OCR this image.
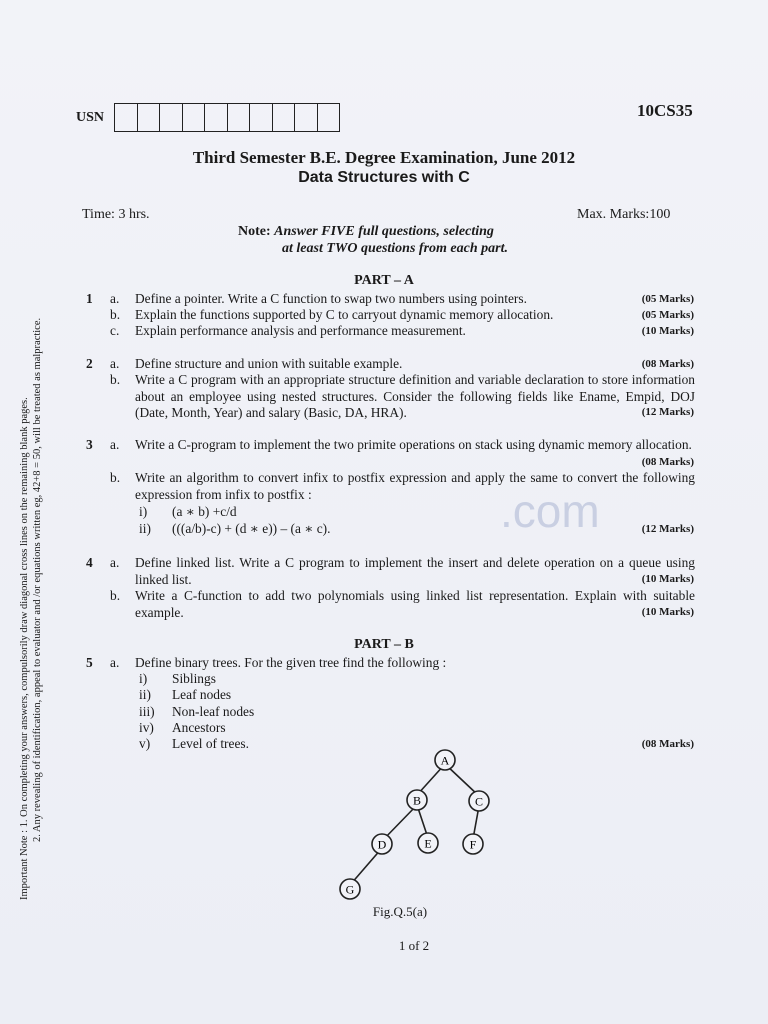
.com
Important Note : 1. On completing your answers, compulsorily draw diagonal cross lines on the remaining blank pages. 2. Any revealing of identification, appeal to evaluator and /or equations written eg, 42+8 = 50, will be treated as malpractice.
USN	10CS35
Third Semester B.E. Degree Examination, June 2012
Data Structures with C
Time: 3 hrs.	Max. Marks:100
Note: Answer FIVE full questions, selecting
at least TWO questions from each part.
PART – A
1 a. Define a pointer. Write a C function to swap two numbers using pointers.	(05 Marks)
b. Explain the functions supported by C to carryout dynamic memory allocation.	(05 Marks)
c. Explain performance analysis and performance measurement.	(10 Marks)
2 a. Define structure and union with suitable example.	(08 Marks)
b. Write a C program with an appropriate structure definition and variable declaration to store information about an employee using nested structures. Consider the following fields like Ename, Empid, DOJ (Date, Month, Year) and salary (Basic, DA, HRA).	(12 Marks)
3 a. Write a C-program to implement the two primite operations on stack using dynamic memory allocation.
(08 Marks)
b. Write an algorithm to convert infix to postfix expression and apply the same to convert the following expression from infix to postfix :
i) (a ∗ b) +c/d
ii) (((a/b)-c) + (d ∗ e)) – (a ∗ c).	(12 Marks)
4 a. Define linked list. Write a C program to implement the insert and delete operation on a queue using linked list.	(10 Marks)
b. Write a C-function to add two polynomials using linked list representation. Explain with suitable example.	(10 Marks)
PART – B
5 a. Define binary trees. For the given tree find the following :
i) Siblings
ii) Leaf nodes
iii) Non-leaf nodes
iv) Ancestors
v) Level of trees.	(08 Marks)
A
B	C
D	E	F
G
Fig.Q.5(a)
1 of 2
